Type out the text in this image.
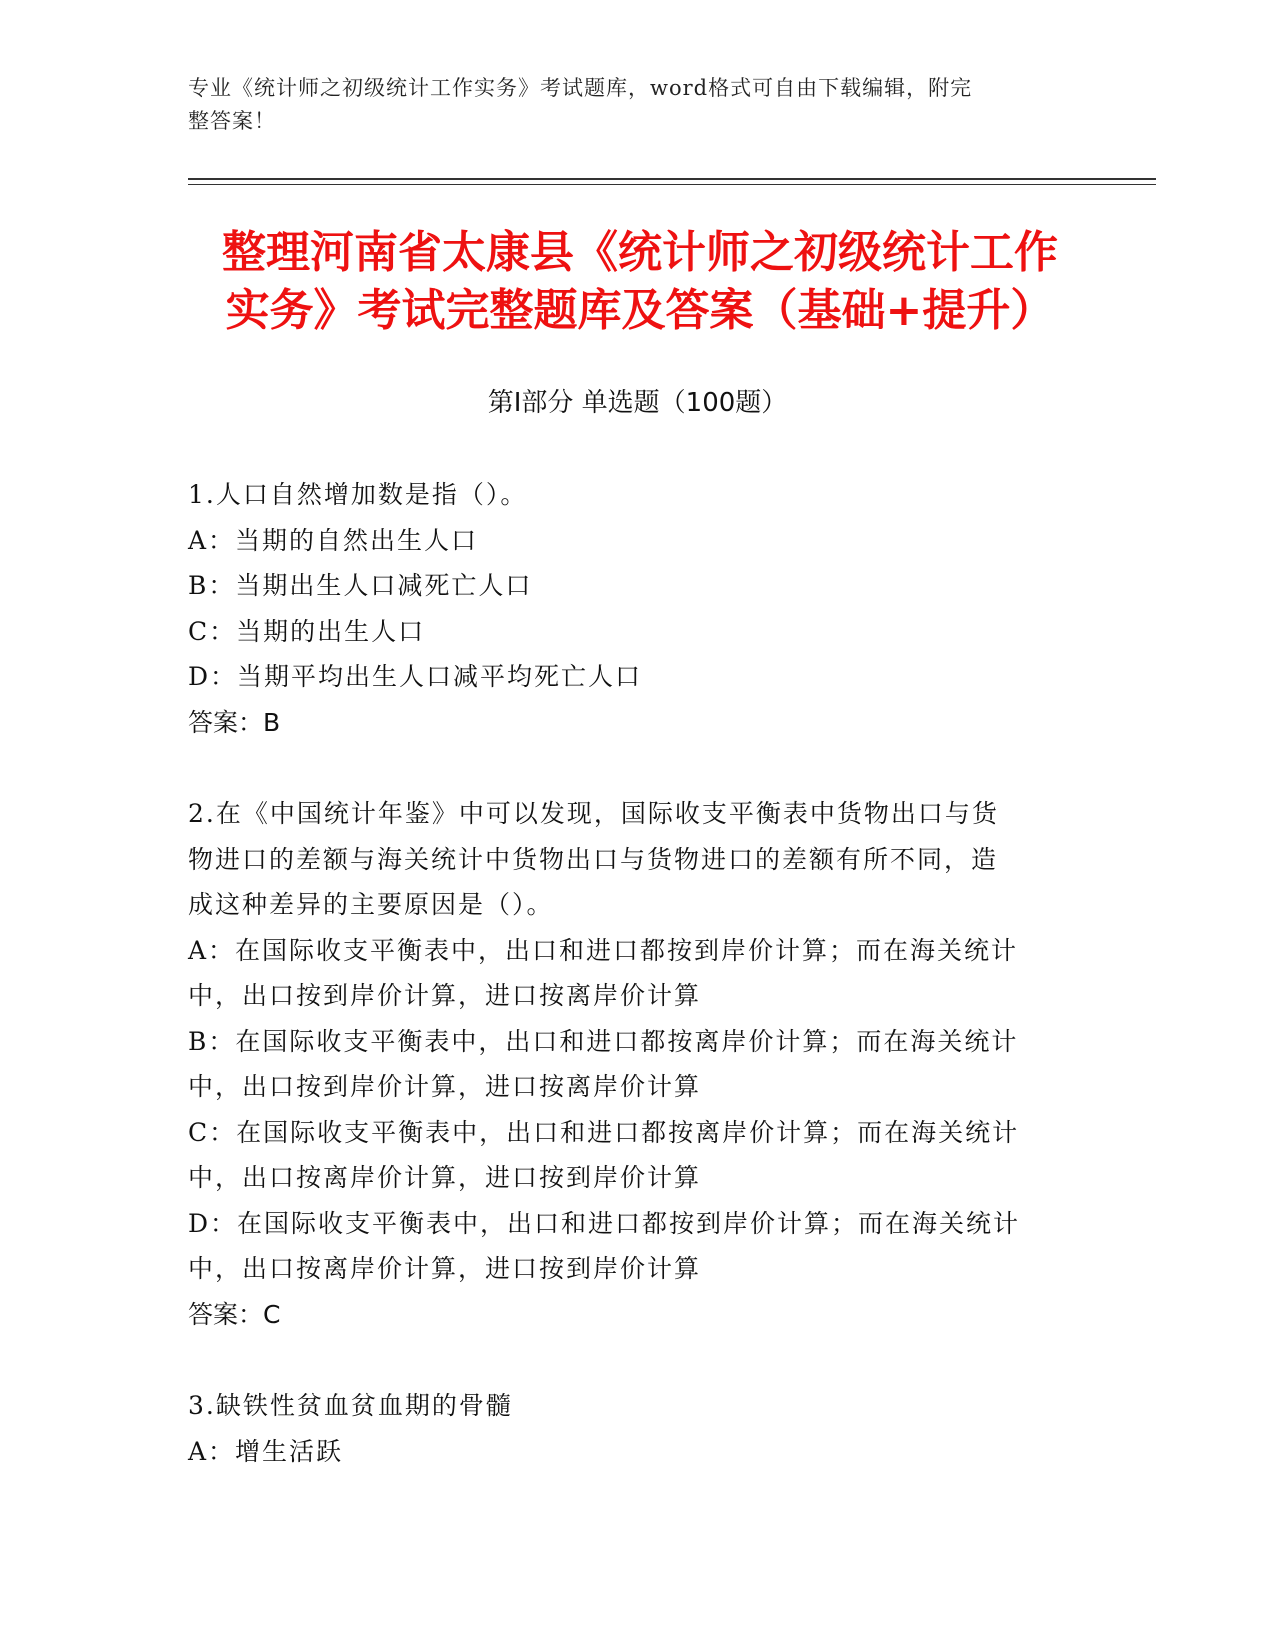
专业《统计师之初级统计工作实务》考试题库，word格式可自由下载编辑，附完
整答案！
整理河南省太康县《统计师之初级统计工作
实务》考试完整题库及答案（基础+提升）
第Ⅰ部分 单选题（100题）
1.人口自然增加数是指（）。
A：当期的自然出生人口
B：当期出生人口减死亡人口
C：当期的出生人口
D：当期平均出生人口减平均死亡人口
答案：B
2.在《中国统计年鉴》中可以发现，国际收支平衡表中货物出口与货
物进口的差额与海关统计中货物出口与货物进口的差额有所不同，造
成这种差异的主要原因是（）。
A：在国际收支平衡表中，出口和进口都按到岸价计算；而在海关统计
中，出口按到岸价计算，进口按离岸价计算
B：在国际收支平衡表中，出口和进口都按离岸价计算；而在海关统计
中，出口按到岸价计算，进口按离岸价计算
C：在国际收支平衡表中，出口和进口都按离岸价计算；而在海关统计
中，出口按离岸价计算，进口按到岸价计算
D：在国际收支平衡表中，出口和进口都按到岸价计算；而在海关统计
中，出口按离岸价计算，进口按到岸价计算
答案：C
3.缺铁性贫血贫血期的骨髓
A：增生活跃
